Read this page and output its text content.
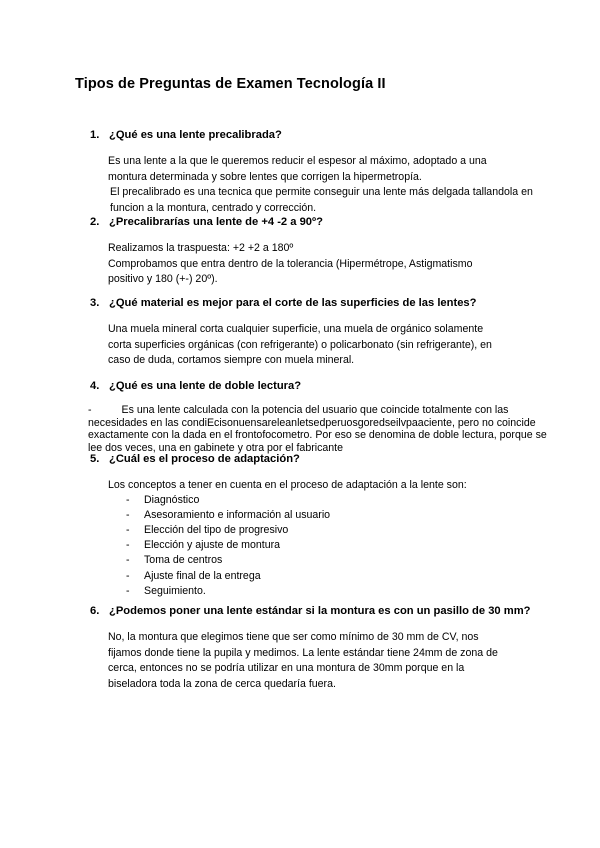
Tipos de Preguntas de Examen Tecnología II
1. ¿Qué es una lente precalibrada?
Es una lente a la que le queremos reducir el espesor al máximo, adoptado a una
montura determinada y sobre lentes que corrigen la hipermetropía.
El precalibrado es una tecnica que permite conseguir una lente más delgada tallandola en
funcion a la montura, centrado y corrección.
2. ¿Precalibrarías una lente de +4 -2 a 90º?
Realizamos la traspuesta: +2 +2 a 180º
Comprobamos que entra dentro de la tolerancia (Hipermétrope, Astigmatismo
positivo y 180 (+-) 20º).
3. ¿Qué material es mejor para el corte de las superficies de las lentes?
Una muela mineral corta cualquier superficie, una muela de orgánico solamente
corta superficies orgánicas (con refrigerante) o policarbonato (sin refrigerante), en
caso de duda, cortamos siempre con muela mineral.
4. ¿Qué es una lente de doble lectura?
-	Es una lente calculada con la potencia del usuario que coincide totalmente con las
necesidades en las condiEcisonuensareleanletsedperuosgoredseilvpaaciente, pero no coincide
exactamente con la dada en el frontofocometro. Por eso se denomina de doble lectura, porque se
lee dos veces, una en gabinete y otra por el fabricante
5. ¿Cuál es el proceso de adaptación?
Los conceptos a tener en cuenta en el proceso de adaptación a la lente son:
- Diagnóstico
- Asesoramiento e información al usuario
- Elección del tipo de progresivo
- Elección y ajuste de montura
- Toma de centros
- Ajuste final de la entrega
- Seguimiento.
6. ¿Podemos poner una lente estándar si la montura es con un pasillo de 30 mm?
No, la montura que elegimos tiene que ser como mínimo de 30 mm de CV, nos
fijamos donde tiene la pupila y medimos. La lente estándar tiene 24mm de zona de
cerca, entonces no se podría utilizar en una montura de 30mm porque en la
biseladora toda la zona de cerca quedaría fuera.
